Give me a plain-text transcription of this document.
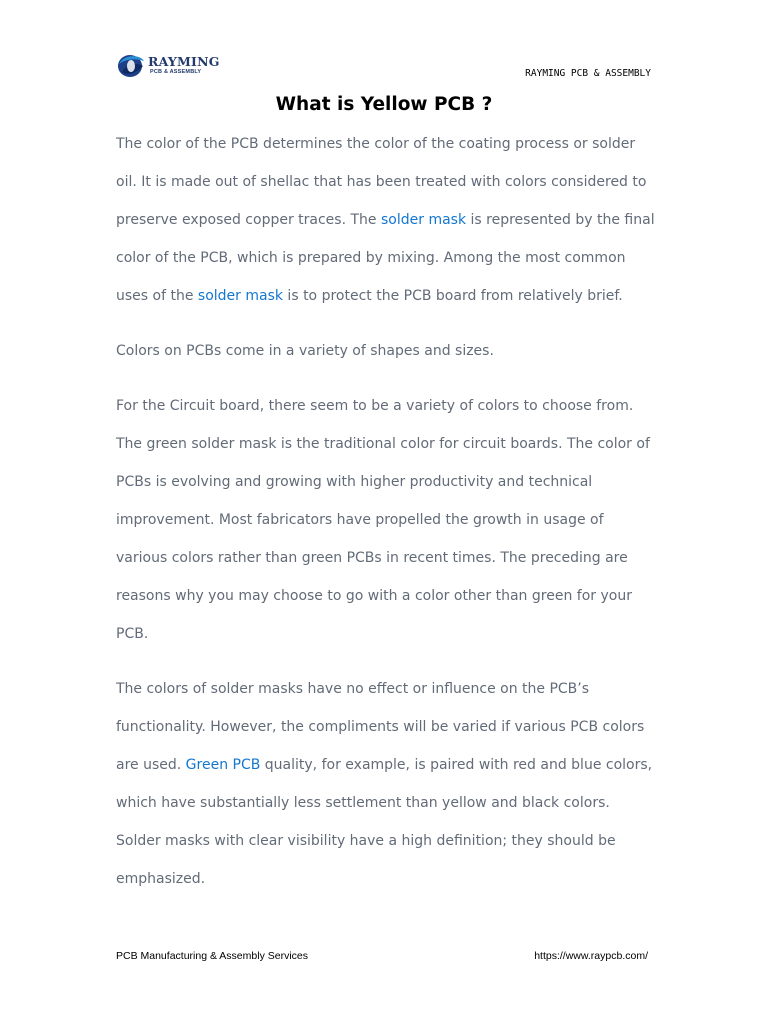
RAYMING
PCB & ASSEMBLY	RAYMING PCB & ASSEMBLY
What is Yellow PCB ?

The color of the PCB determines the color of the coating process or solder oil. It is made out of shellac that has been treated with colors considered to preserve exposed copper traces. The solder mask is represented by the final color of the PCB, which is prepared by mixing. Among the most common uses of the solder mask is to protect the PCB board from relatively brief.

Colors on PCBs come in a variety of shapes and sizes.

For the Circuit board, there seem to be a variety of colors to choose from. The green solder mask is the traditional color for circuit boards. The color of PCBs is evolving and growing with higher productivity and technical improvement. Most fabricators have propelled the growth in usage of various colors rather than green PCBs in recent times. The preceding are reasons why you may choose to go with a color other than green for your PCB.

The colors of solder masks have no effect or influence on the PCB’s functionality. However, the compliments will be varied if various PCB colors are used. Green PCB quality, for example, is paired with red and blue colors, which have substantially less settlement than yellow and black colors. Solder masks with clear visibility have a high definition; they should be emphasized.

PCB Manufacturing & Assembly Services	https://www.raypcb.com/
